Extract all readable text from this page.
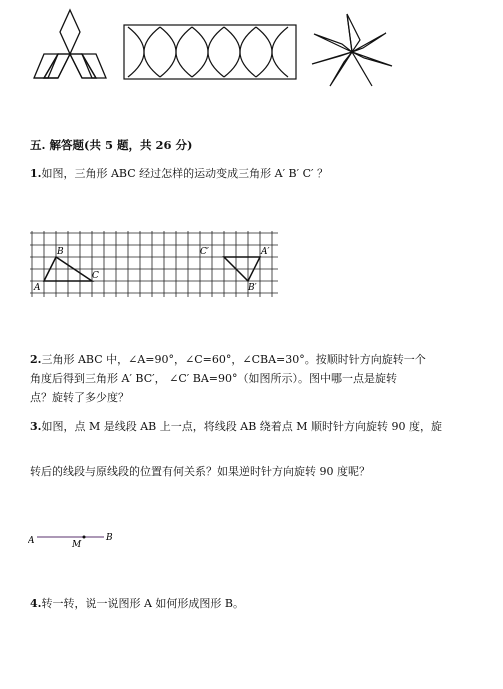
五. 解答题(共 5 题，共 26 分)
1.如图，三角形 ABC 经过怎样的运动变成三角形 A′ B′ C′ ？
A
B
C
A′
B′
C′
2.三角形 ABC 中，∠A=90°，∠C=60°，∠CBA=30°。按顺时针方向旋转一个
角度后得到三角形 A′ BC′， ∠C′ BA=90°（如图所示）。图中哪一点是旋转
点？旋转了多少度？
3.如图，点 M 是线段 AB 上一点，将线段 AB 绕着点 M 顺时针方向旋转 90 度，旋
转后的线段与原线段的位置有何关系？如果逆时针方向旋转 90 度呢？
A	M
B
4.转一转，说一说图形 A 如何形成图形 B。
